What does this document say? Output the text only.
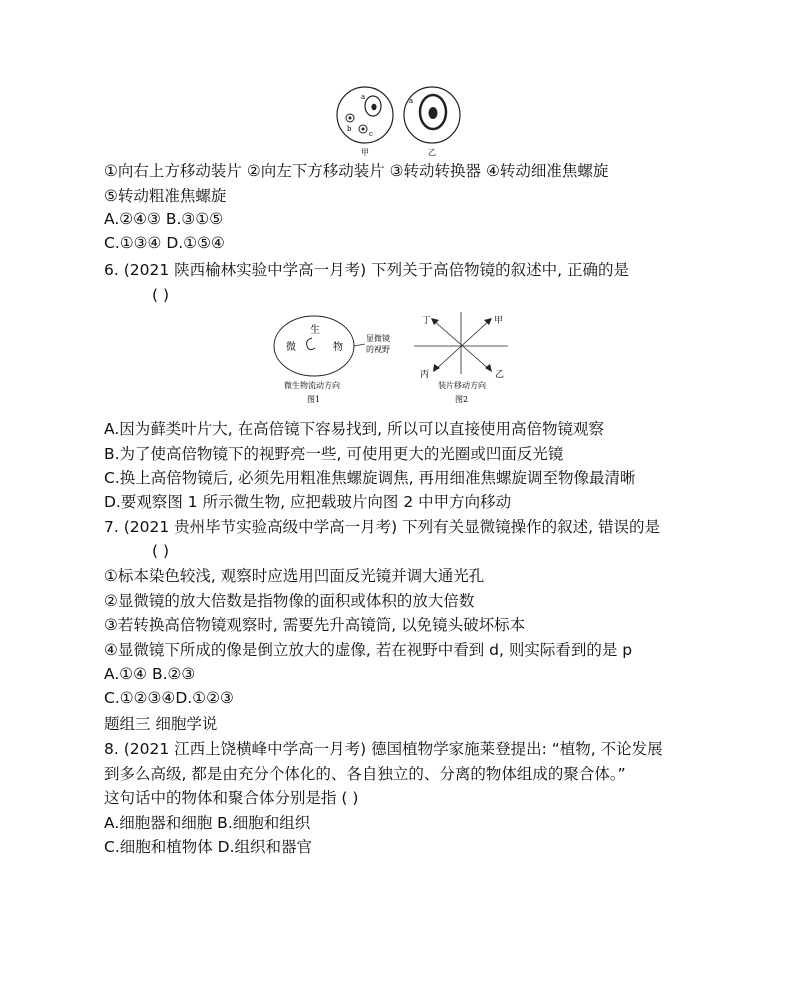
a
b
c
甲
a
乙
①向右上方移动装片 ②向左下方移动装片 ③转动转换器 ④转动细准焦螺旋
⑤转动粗准焦螺旋
A.②④③ B.③①⑤
C.①③④ D.①⑤④
6. (2021 陕西榆林实验中学高一月考) 下列关于高倍物镜的叙述中, 正确的是
( )
生
微	物
显微镜
的视野
微生物流动方向
图1
丁	甲
丙	乙
装片移动方向
图2
A.因为藓类叶片大, 在高倍镜下容易找到, 所以可以直接使用高倍物镜观察
B.为了使高倍物镜下的视野亮一些, 可使用更大的光圈或凹面反光镜
C.换上高倍物镜后, 必须先用粗准焦螺旋调焦, 再用细准焦螺旋调至物像最清晰
D.要观察图 1 所示微生物, 应把载玻片向图 2 中甲方向移动
7. (2021 贵州毕节实验高级中学高一月考) 下列有关显微镜操作的叙述, 错误的是
( )
①标本染色较浅, 观察时应选用凹面反光镜并调大通光孔
②显微镜的放大倍数是指物像的面积或体积的放大倍数
③若转换高倍物镜观察时, 需要先升高镜筒, 以免镜头破坏标本
④显微镜下所成的像是倒立放大的虚像, 若在视野中看到 d, 则实际看到的是 p
A.①④ B.②③
C.①②③④D.①②③
题组三 细胞学说
8. (2021 江西上饶横峰中学高一月考) 德国植物学家施莱登提出: “植物, 不论发展
到多么高级, 都是由充分个体化的、各自独立的、分离的物体组成的聚合体。”
这句话中的物体和聚合体分别是指 ( )
A.细胞器和细胞 B.细胞和组织
C.细胞和植物体 D.组织和器官
